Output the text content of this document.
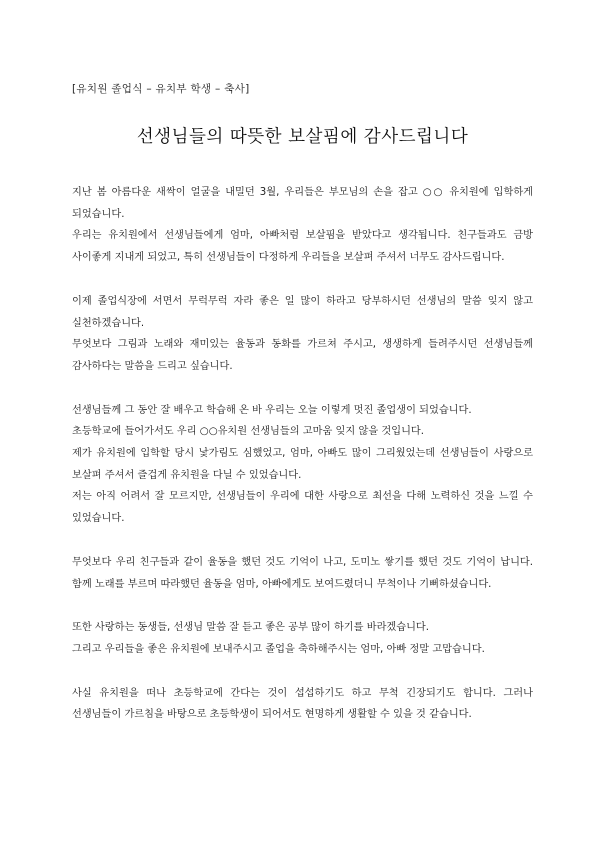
[유치원 졸업식 – 유치부 학생 – 축사]
선생님들의 따뜻한 보살핌에 감사드립니다

지난 봄 아름다운 새싹이 얼굴을 내밀던 3월, 우리들은 부모님의 손을 잡고 ○○ 유치원에 입학하게 되었습니다.

우리는 유치원에서 선생님들에게 엄마, 아빠처럼 보살핌을 받았다고 생각됩니다. 친구들과도 금방 사이좋게 지내게 되었고, 특히 선생님들이 다정하게 우리들을 보살펴 주셔서 너무도 감사드립니다.

이제 졸업식장에 서면서 무럭무럭 자라 좋은 일 많이 하라고 당부하시던 선생님의 말씀 잊지 않고 실천하겠습니다.

무엇보다 그림과 노래와 재미있는 율동과 동화를 가르쳐 주시고, 생생하게 들려주시던 선생님들께 감사하다는 말씀을 드리고 싶습니다.

선생님들께 그 동안 잘 배우고 학습해 온 바 우리는 오늘 이렇게 멋진 졸업생이 되었습니다.

초등학교에 들어가서도 우리 ○○유치원 선생님들의 고마움 잊지 않을 것입니다.

제가 유치원에 입학할 당시 낯가림도 심했었고, 엄마, 아빠도 많이 그리웠었는데 선생님들이 사랑으로 보살펴 주셔서 즐겁게 유치원을 다닐 수 있었습니다.

저는 아직 어려서 잘 모르지만, 선생님들이 우리에 대한 사랑으로 최선을 다해 노력하신 것을 느낄 수 있었습니다.

무엇보다 우리 친구들과 같이 율동을 했던 것도 기억이 나고, 도미노 쌓기를 했던 것도 기억이 납니다. 함께 노래를 부르며 따라했던 율동을 엄마, 아빠에게도 보여드렸더니 무척이나 기뻐하셨습니다.

또한 사랑하는 동생들, 선생님 말씀 잘 듣고 좋은 공부 많이 하기를 바라겠습니다.

그리고 우리들을 좋은 유치원에 보내주시고 졸업을 축하해주시는 엄마, 아빠 정말 고맙습니다.

사실 유치원을 떠나 초등학교에 간다는 것이 섭섭하기도 하고 무척 긴장되기도 합니다. 그러나 선생님들이 가르침을 바탕으로 초등학생이 되어서도 현명하게 생활할 수 있을 것 같습니다.
